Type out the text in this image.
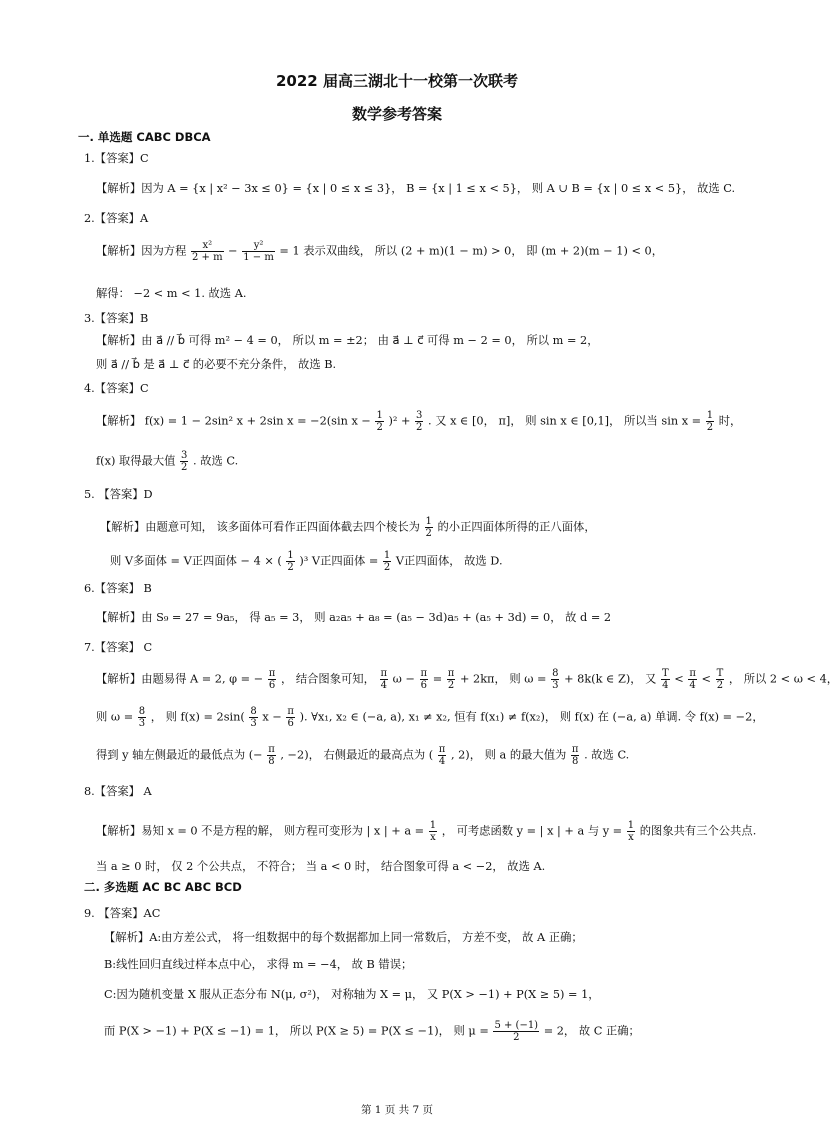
2022 届高三湖北十一校第一次联考
数学参考答案
一. 单选题 CABC DBCA
1.【答案】C
【解析】因为 A = {x | x² − 3x ≤ 0} = {x | 0 ≤ x ≤ 3}， B = {x | 1 ≤ x < 5}， 则 A ∪ B = {x | 0 ≤ x < 5}， 故选 C.
2.【答案】A
【解析】因为方程 $\frac{\text{x²}}{2 + m} - \frac{\text{y²}}{1 - m} = 1$ 表示双曲线， 所以 (2 + m)(1 − m) > 0， 即 (m + 2)(m − 1) < 0，
解得： −2 < m < 1. 故选 A.
3.【答案】B
【解析】由 a⃗ // b⃗ 可得 m² − 4 = 0， 所以 m = ±2； 由 a⃗ ⊥ c⃗ 可得 m − 2 = 0， 所以 m = 2，
则 a⃗ // b⃗ 是 a⃗ ⊥ c⃗ 的必要不充分条件， 故选 B.
4.【答案】C
【解析】 f(x) = 1 − 2sin² x + 2sin x = −2(sin $x - \frac{1}{2} )^2 + \frac{3}{2}$ . 又 x ∈ [0， π]， 则 sin x ∈ [0,1]， 所以当 $\sin x = \frac{1}{2}$ 时，
f(x) 取得最大值 $\frac{3}{2}$ . 故选 C.
5. 【答案】D
【解析】由题意可知， 该多面体可看作正四面体截去四个棱长为 $\frac{1}{2}$ 的小正四面体所得的正八面体，
则 V多面体 = V正四面体 − 4 × ( $\frac{1}{2} )^3$ V正四面体 = $\frac{1}{2}$ V正四面体， 故选 D.
6.【答案】 B
【解析】由 S₉ = 27 = 9a₅， 得 a₅ = 3， 则 a₂a₅ + a₈ = (a₅ − 3d)a₅ + (a₅ + 3d) = 0， 故 d = 2
7.【答案】 C
【解析】由题易得 A = 2, φ = − $\frac{\pi}{6}$ ， 结合图象可知， $\frac{\pi}{4}$ $\omega - \frac{\pi}{6} = \frac{\pi}{2} + 2k\pi$， 则 $\omega = \frac{8}{3} + 8k(k$ ∈ Z)， 又 $\frac{T}{4} < \frac{\pi}{4} < \frac{T}{2}$ ， 所以 2 < ω < 4，
则 $\omega = \frac{8}{3}$ ， 则 $f(x) = 2\sin( \frac{8}{3}$ $x - \frac{\pi}{6}$ ). ∀x₁, x₂ ∈ (−a, a), x₁ ≠ x₂, 恒有 f(x₁) ≠ f(x₂)， 则 f(x) 在 (−a, a) 单调. 令 f(x) = −2，
得到 y 轴左侧最近的最低点为 (− $\frac{\pi}{8}$ , −2)， 右侧最近的最高点为 ( $\frac{\pi}{4}$ , 2)， 则 a 的最大值为 $\frac{\pi}{8}$ . 故选 C.
8.【答案】 A
【解析】易知 x = 0 不是方程的解， 则方程可变形为 | x | + $a = \frac{1}{x}$ ， 可考虑函数 y = | x | + a 与 $y = \frac{1}{x}$ 的图象共有三个公共点.
当 a ≥ 0 时， 仅 2 个公共点， 不符合； 当 a < 0 时， 结合图象可得 a < −2， 故选 A.
二. 多选题 AC BC ABC BCD
9. 【答案】AC
【解析】A:由方差公式， 将一组数据中的每个数据都加上同一常数后， 方差不变， 故 A 正确；
B:线性回归直线过样本点中心， 求得 m = −4， 故 B 错误；
C:因为随机变量 X 服从正态分布 N(μ, σ²)， 对称轴为 X = μ， 又 P(X > −1) + P(X ≥ 5) = 1，
而 P(X > −1) + P(X ≤ −1) = 1， 所以 P(X ≥ 5) = P(X ≤ −1)， 则 $\mu = \frac{5 + (-1)}{2} = 2$， 故 C 正确；
第 1 页 共 7 页
